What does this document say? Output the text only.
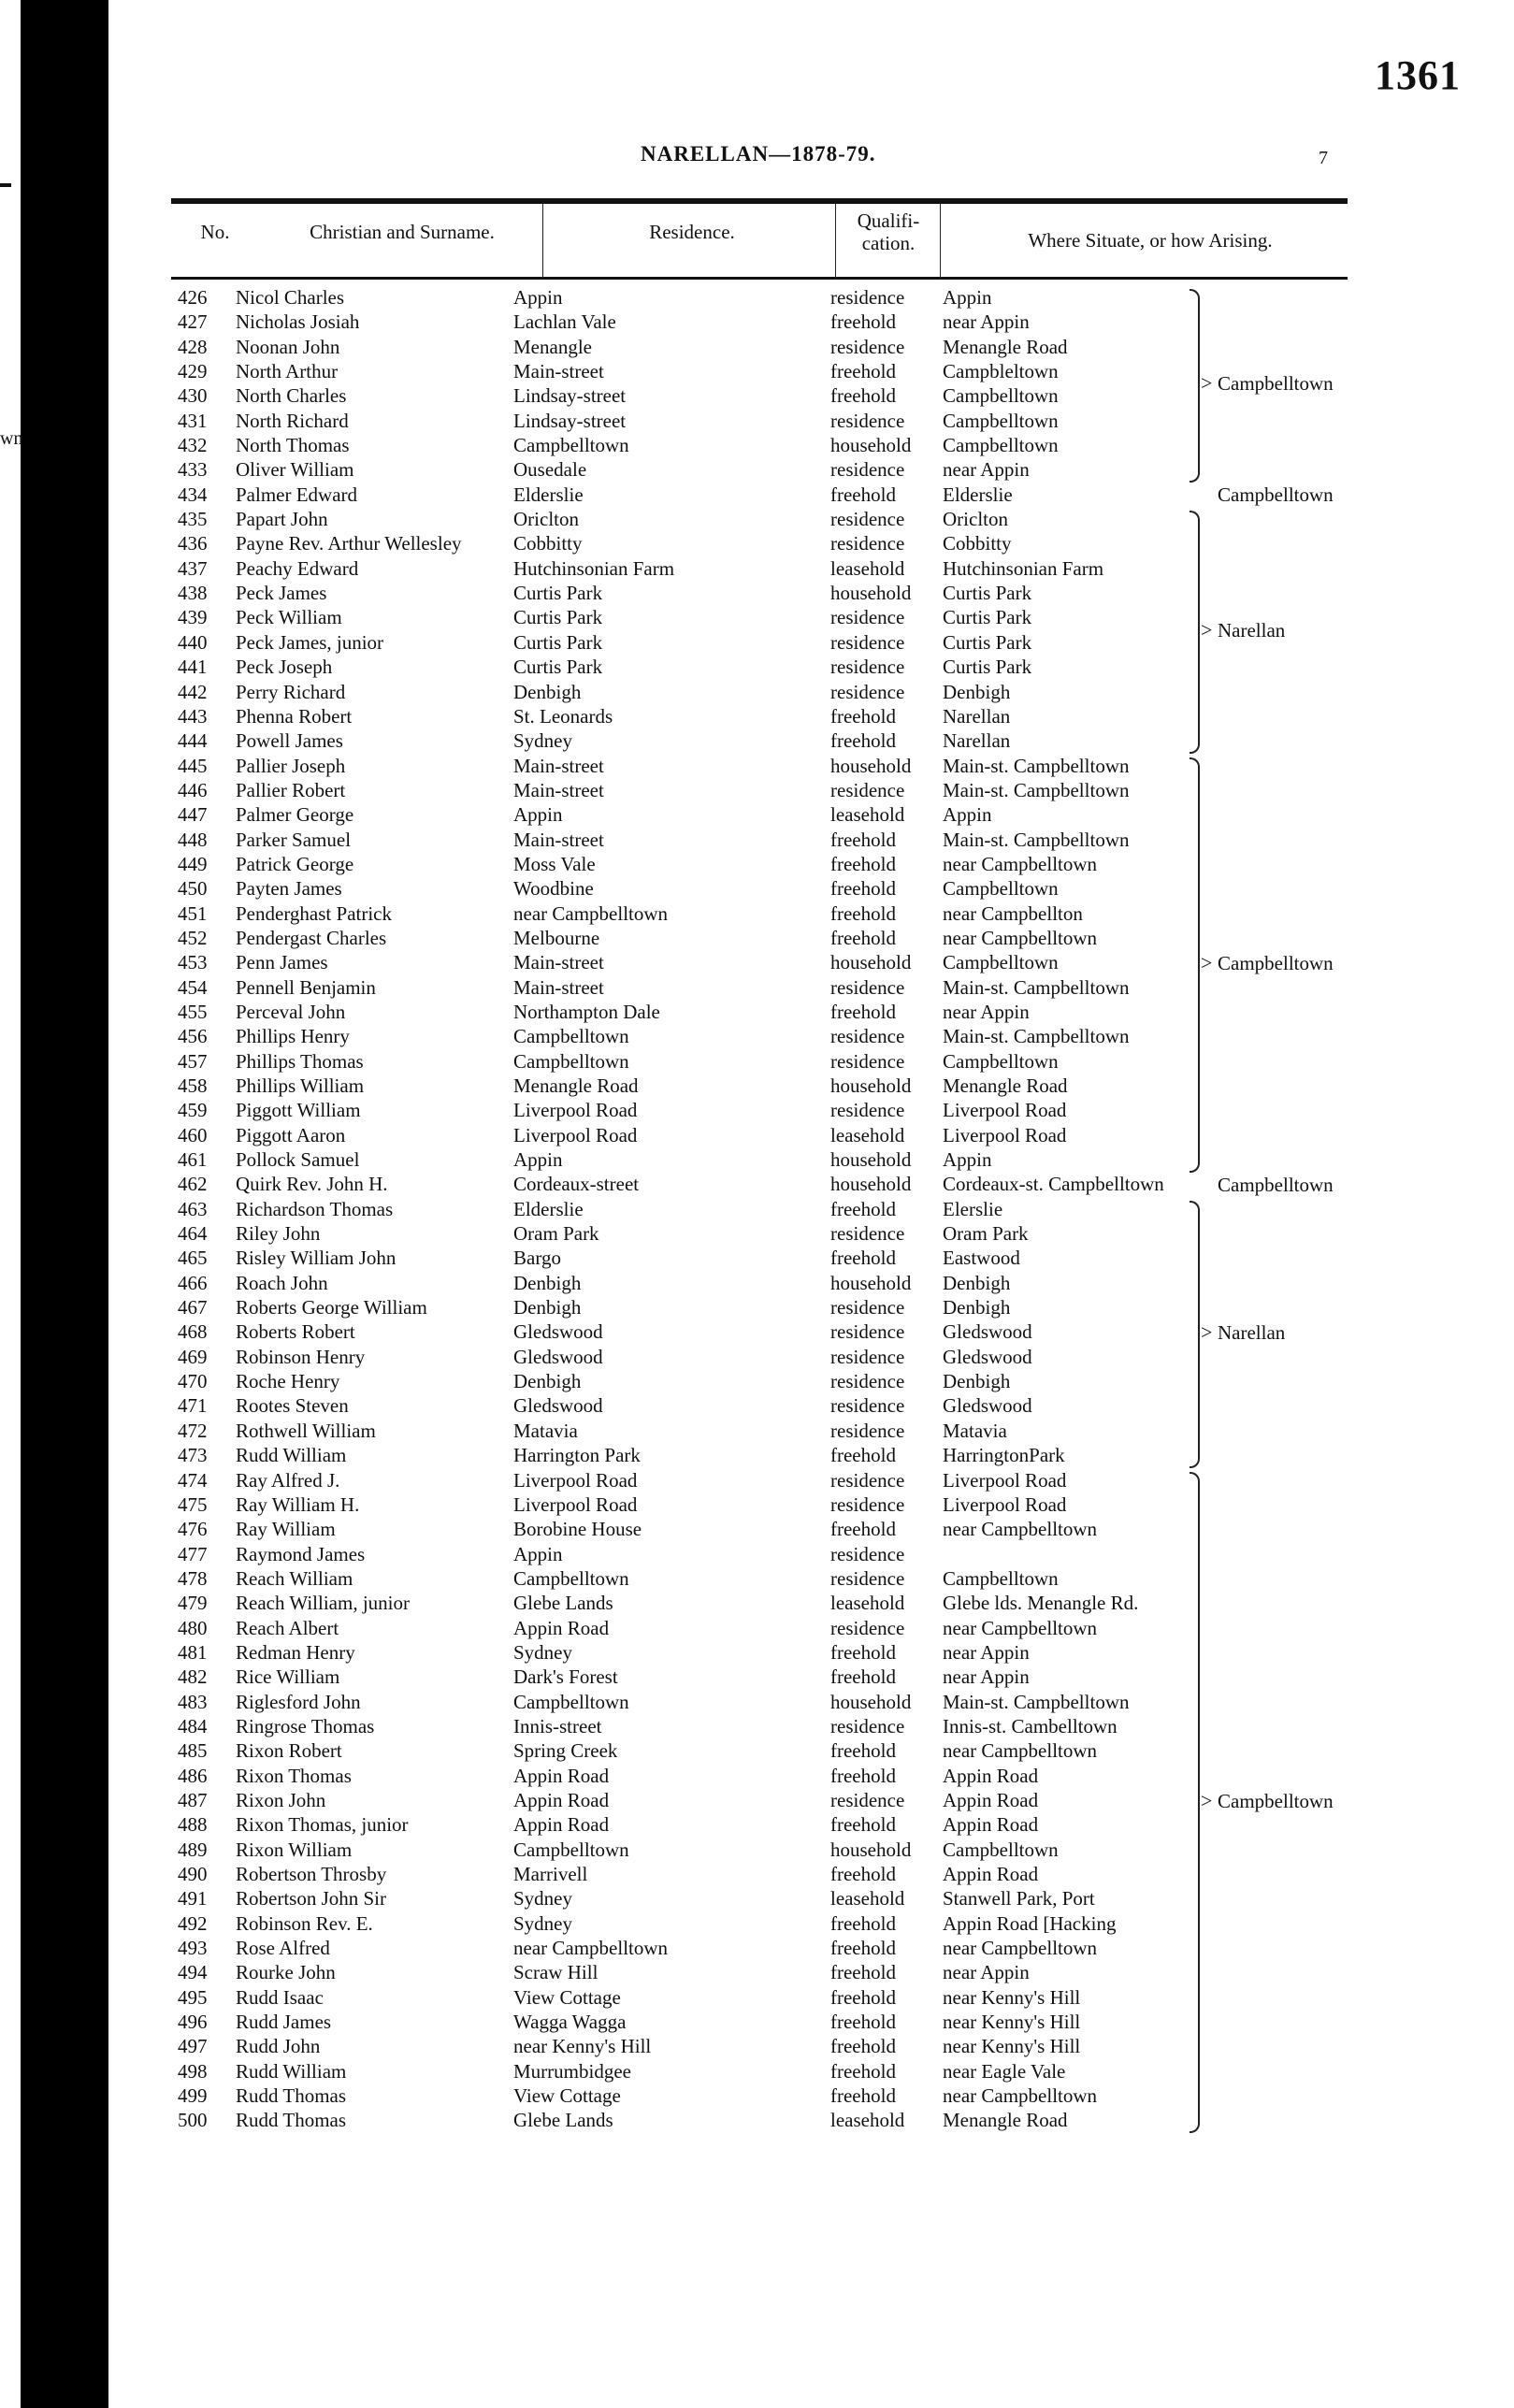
wn
1361
NARELLAN—1878-79.	7
No.	Christian and Surname.	Residence.	Qualifi-
cation.	Where Situate, or how Arising.
426 Nicol Charles	Appin	residence Appin
427 Nicholas Josiah	Lachlan Vale	freehold near Appin
428 Noonan John	Menangle	residence Menangle Road
429 North Arthur	Main-street	freehold Campbleltown
430 North Charles	Lindsay-street	freehold Campbelltown
431 North Richard	Lindsay-street	residence Campbelltown
432 North Thomas	Campbelltown	household Campbelltown
433 Oliver William	Ousedale	residence near Appin
434 Palmer Edward	Elderslie	freehold Elderslie
435 Papart John	Oriclton	residence Oriclton
436 Payne Rev. Arthur Wellesley	Cobbitty	residence Cobbitty
437 Peachy Edward	Hutchinsonian Farm	leasehold Hutchinsonian Farm
438 Peck James	Curtis Park	household Curtis Park
439 Peck William	Curtis Park	residence Curtis Park
440 Peck James, junior	Curtis Park	residence Curtis Park
441 Peck Joseph	Curtis Park	residence Curtis Park
442 Perry Richard	Denbigh	residence Denbigh
443 Phenna Robert	St. Leonards	freehold Narellan
444 Powell James	Sydney	freehold Narellan
445 Pallier Joseph	Main-street	household Main-st. Campbelltown
446 Pallier Robert	Main-street	residence Main-st. Campbelltown
447 Palmer George	Appin	leasehold Appin
448 Parker Samuel	Main-street	freehold Main-st. Campbelltown
449 Patrick George	Moss Vale	freehold near Campbelltown
450 Payten James	Woodbine	freehold Campbelltown
451 Penderghast Patrick	near Campbelltown	freehold near Campbellton
452 Pendergast Charles	Melbourne	freehold near Campbelltown
453 Penn James	Main-street	household Campbelltown
454 Pennell Benjamin	Main-street	residence Main-st. Campbelltown
455 Perceval John	Northampton Dale	freehold near Appin
456 Phillips Henry	Campbelltown	residence Main-st. Campbelltown
457 Phillips Thomas	Campbelltown	residence Campbelltown
458 Phillips William	Menangle Road	household Menangle Road
459 Piggott William	Liverpool Road	residence Liverpool Road
460 Piggott Aaron	Liverpool Road	leasehold Liverpool Road
461 Pollock Samuel	Appin	household Appin
462 Quirk Rev. John H.	Cordeaux-street	household Cordeaux-st. Campbelltown
463 Richardson Thomas	Elderslie	freehold Elerslie
464 Riley John	Oram Park	residence Oram Park
465 Risley William John	Bargo	freehold Eastwood
466 Roach John	Denbigh	household Denbigh
467 Roberts George William	Denbigh	residence Denbigh
468 Roberts Robert	Gledswood	residence Gledswood
469 Robinson Henry	Gledswood	residence Gledswood
470 Roche Henry	Denbigh	residence Denbigh
471 Rootes Steven	Gledswood	residence Gledswood
472 Rothwell William	Matavia	residence Matavia
473 Rudd William	Harrington Park	freehold HarringtonPark
474 Ray Alfred J.	Liverpool Road	residence Liverpool Road
475 Ray William H.	Liverpool Road	residence Liverpool Road
476 Ray William	Borobine House	freehold near Campbelltown
477 Raymond James	Appin	residence
478 Reach William	Campbelltown	residence Campbelltown
479 Reach William, junior	Glebe Lands	leasehold Glebe lds. Menangle Rd.
480 Reach Albert	Appin Road	residence near Campbelltown
481 Redman Henry	Sydney	freehold near Appin
482 Rice William	Dark's Forest	freehold near Appin
483 Riglesford John	Campbelltown	household Main-st. Campbelltown
484 Ringrose Thomas	Innis-street	residence Innis-st. Cambelltown
485 Rixon Robert	Spring Creek	freehold near Campbelltown
486 Rixon Thomas	Appin Road	freehold Appin Road
487 Rixon John	Appin Road	residence Appin Road
488 Rixon Thomas, junior	Appin Road	freehold Appin Road
489 Rixon William	Campbelltown	household Campbelltown
490 Robertson Throsby	Marrivell	freehold Appin Road
491 Robertson John Sir	Sydney	leasehold Stanwell Park, Port
492 Robinson Rev. E.	Sydney	freehold Appin Road [Hacking
493 Rose Alfred	near Campbelltown	freehold near Campbelltown
494 Rourke John	Scraw Hill	freehold near Appin
495 Rudd Isaac	View Cottage	freehold near Kenny's Hill
496 Rudd James	Wagga Wagga	freehold near Kenny's Hill
497 Rudd John	near Kenny's Hill	freehold near Kenny's Hill
498 Rudd William	Murrumbidgee	freehold near Eagle Vale
499 Rudd Thomas	View Cottage	freehold near Campbelltown
500 Rudd Thomas	Glebe Lands	leasehold Menangle Road
> Campbelltown
Campbelltown
> Narellan
> Campbelltown
Campbelltown
> Narellan
> Campbelltown
